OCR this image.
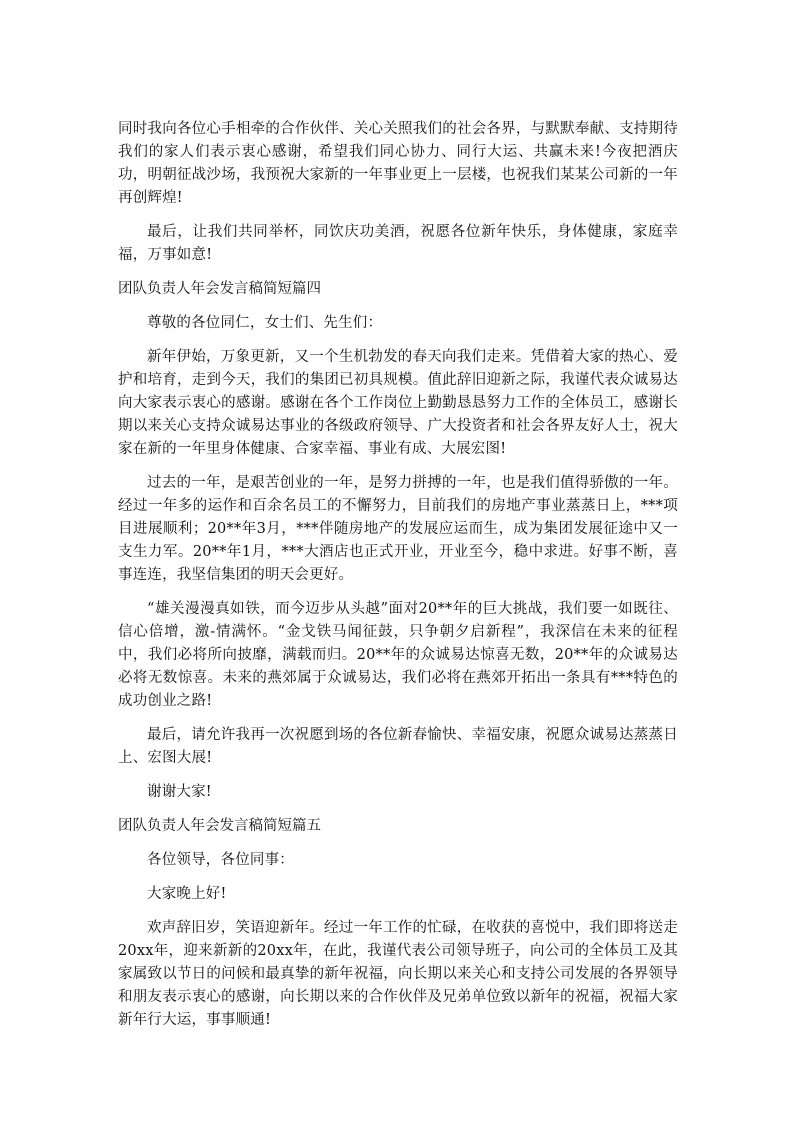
同时我向各位心手相牵的合作伙伴、关心关照我们的社会各界，与默默奉献、支持期待我们的家人们表示衷心感谢，希望我们同心协力、同行大运、共赢未来!今夜把酒庆功，明朝征战沙场，我预祝大家新的一年事业更上一层楼，也祝我们某某公司新的一年再创辉煌!

最后，让我们共同举杯，同饮庆功美酒，祝愿各位新年快乐，身体健康，家庭幸福，万事如意!

团队负责人年会发言稿简短篇四

尊敬的各位同仁，女士们、先生们：

新年伊始，万象更新，又一个生机勃发的春天向我们走来。凭借着大家的热心、爱护和培育，走到今天，我们的集团已初具规模。值此辞旧迎新之际，我谨代表众诚易达向大家表示衷心的感谢。感谢在各个工作岗位上勤勤恳恳努力工作的全体员工，感谢长期以来关心支持众诚易达事业的各级政府领导、广大投资者和社会各界友好人士，祝大家在新的一年里身体健康、合家幸福、事业有成、大展宏图!

过去的一年，是艰苦创业的一年，是努力拼搏的一年，也是我们值得骄傲的一年。经过一年多的运作和百余名员工的不懈努力，目前我们的房地产事业蒸蒸日上，***项目进展顺利；20**年3月，***伴随房地产的发展应运而生，成为集团发展征途中又一支生力军。20**年1月，***大酒店也正式开业，开业至今，稳中求进。好事不断，喜事连连，我坚信集团的明天会更好。

“雄关漫漫真如铁，而今迈步从头越”面对20**年的巨大挑战，我们要一如既往、信心倍增，激-情满怀。“金戈铁马闻征鼓，只争朝夕启新程”，我深信在未来的征程中，我们必将所向披靡，满载而归。20**年的众诚易达惊喜无数，20**年的众诚易达必将无数惊喜。未来的燕郊属于众诚易达，我们必将在燕郊开拓出一条具有***特色的成功创业之路!

最后，请允许我再一次祝愿到场的各位新春愉快、幸福安康，祝愿众诚易达蒸蒸日上、宏图大展!

谢谢大家!

团队负责人年会发言稿简短篇五

各位领导，各位同事：

大家晚上好!

欢声辞旧岁，笑语迎新年。经过一年工作的忙碌，在收获的喜悦中，我们即将送走20xx年，迎来新新的20xx年，在此，我谨代表公司领导班子，向公司的全体员工及其家属致以节日的问候和最真挚的新年祝福，向长期以来关心和支持公司发展的各界领导和朋友表示衷心的感谢，向长期以来的合作伙伴及兄弟单位致以新年的祝福，祝福大家新年行大运，事事顺通!
